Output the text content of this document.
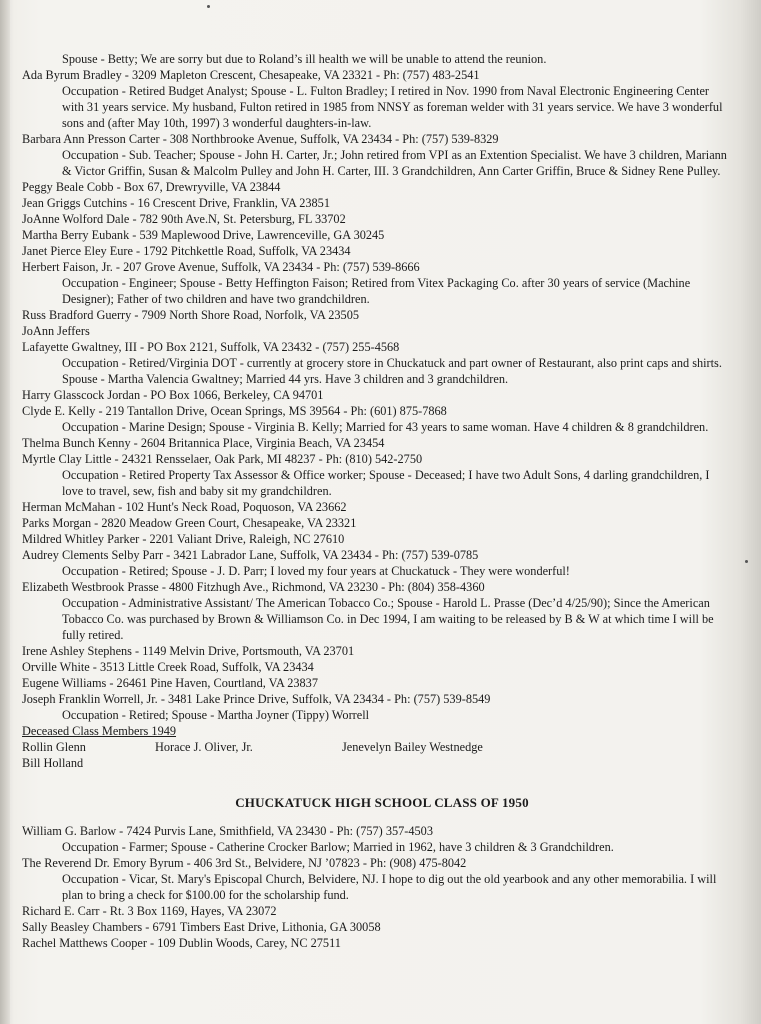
Spouse - Betty; We are sorry but due to Roland’s ill health we will be unable to attend the reunion.
Ada Byrum Bradley - 3209 Mapleton Crescent, Chesapeake, VA 23321 - Ph: (757) 483-2541
Occupation - Retired Budget Analyst; Spouse - L. Fulton Bradley; I retired in Nov. 1990 from Naval Electronic Engineering Center with 31 years service. My husband, Fulton retired in 1985 from NNSY as foreman welder with 31 years service. We have 3 wonderful sons and (after May 10th, 1997) 3 wonderful daughters-in-law.
Barbara Ann Presson Carter - 308 Northbrooke Avenue, Suffolk, VA 23434 - Ph: (757) 539-8329
Occupation - Sub. Teacher; Spouse - John H. Carter, Jr.; John retired from VPI as an Extention Specialist. We have 3 children, Mariann & Victor Griffin, Susan & Malcolm Pulley and John H. Carter, III. 3 Grandchildren, Ann Carter Griffin, Bruce & Sidney Rene Pulley.
Peggy Beale Cobb - Box 67, Drewryville, VA 23844
Jean Griggs Cutchins - 16 Crescent Drive, Franklin, VA 23851
JoAnne Wolford Dale - 782 90th Ave.N, St. Petersburg, FL 33702
Martha Berry Eubank - 539 Maplewood Drive, Lawrenceville, GA 30245
Janet Pierce Eley Eure - 1792 Pitchkettle Road, Suffolk, VA 23434
Herbert Faison, Jr. - 207 Grove Avenue, Suffolk, VA 23434 - Ph: (757) 539-8666
Occupation - Engineer; Spouse - Betty Heffington Faison; Retired from Vitex Packaging Co. after 30 years of service (Machine Designer); Father of two children and have two grandchildren.
Russ Bradford Guerry - 7909 North Shore Road, Norfolk, VA 23505
JoAnn Jeffers
Lafayette Gwaltney, III - PO Box 2121, Suffolk, VA 23432 - (757) 255-4568
Occupation - Retired/Virginia DOT - currently at grocery store in Chuckatuck and part owner of Restaurant, also print caps and shirts. Spouse - Martha Valencia Gwaltney; Married 44 yrs. Have 3 children and 3 grandchildren.
Harry Glasscock Jordan - PO Box 1066, Berkeley, CA 94701
Clyde E. Kelly - 219 Tantallon Drive, Ocean Springs, MS 39564 - Ph: (601) 875-7868
Occupation - Marine Design; Spouse - Virginia B. Kelly; Married for 43 years to same woman. Have 4 children & 8 grandchildren.
Thelma Bunch Kenny - 2604 Britannica Place, Virginia Beach, VA 23454
Myrtle Clay Little - 24321 Rensselaer, Oak Park, MI 48237 - Ph: (810) 542-2750
Occupation - Retired Property Tax Assessor & Office worker; Spouse - Deceased; I have two Adult Sons, 4 darling grandchildren, I love to travel, sew, fish and baby sit my grandchildren.
Herman McMahan - 102 Hunt's Neck Road, Poquoson, VA 23662
Parks Morgan - 2820 Meadow Green Court, Chesapeake, VA 23321
Mildred Whitley Parker - 2201 Valiant Drive, Raleigh, NC 27610
Audrey Clements Selby Parr - 3421 Labrador Lane, Suffolk, VA 23434 - Ph: (757) 539-0785
Occupation - Retired; Spouse - J. D. Parr; I loved my four years at Chuckatuck - They were wonderful!
Elizabeth Westbrook Prasse - 4800 Fitzhugh Ave., Richmond, VA 23230 - Ph: (804) 358-4360
Occupation - Administrative Assistant/ The American Tobacco Co.; Spouse - Harold L. Prasse (Dec’d 4/25/90); Since the American Tobacco Co. was purchased by Brown & Williamson Co. in Dec 1994, I am waiting to be released by B & W at which time I will be fully retired.
Irene Ashley Stephens - 1149 Melvin Drive, Portsmouth, VA 23701
Orville White - 3513 Little Creek Road, Suffolk, VA 23434
Eugene Williams - 26461 Pine Haven, Courtland, VA 23837
Joseph Franklin Worrell, Jr. - 3481 Lake Prince Drive, Suffolk, VA 23434 - Ph: (757) 539-8549
Occupation - Retired; Spouse - Martha Joyner (Tippy) Worrell
Deceased Class Members 1949
Rollin Glenn	Horace J. Oliver, Jr.	Jenevelyn Bailey Westnedge
Bill Holland
CHUCKATUCK HIGH SCHOOL CLASS OF 1950
William G. Barlow - 7424 Purvis Lane, Smithfield, VA 23430 - Ph: (757) 357-4503
Occupation - Farmer; Spouse - Catherine Crocker Barlow; Married in 1962, have 3 children & 3 Grandchildren.
The Reverend Dr. Emory Byrum - 406 3rd St., Belvidere, NJ ’07823 - Ph: (908) 475-8042
Occupation - Vicar, St. Mary's Episcopal Church, Belvidere, NJ. I hope to dig out the old yearbook and any other memorabilia. I will plan to bring a check for $100.00 for the scholarship fund.
Richard E. Carr - Rt. 3 Box 1169, Hayes, VA 23072
Sally Beasley Chambers - 6791 Timbers East Drive, Lithonia, GA 30058
Rachel Matthews Cooper - 109 Dublin Woods, Carey, NC 27511
